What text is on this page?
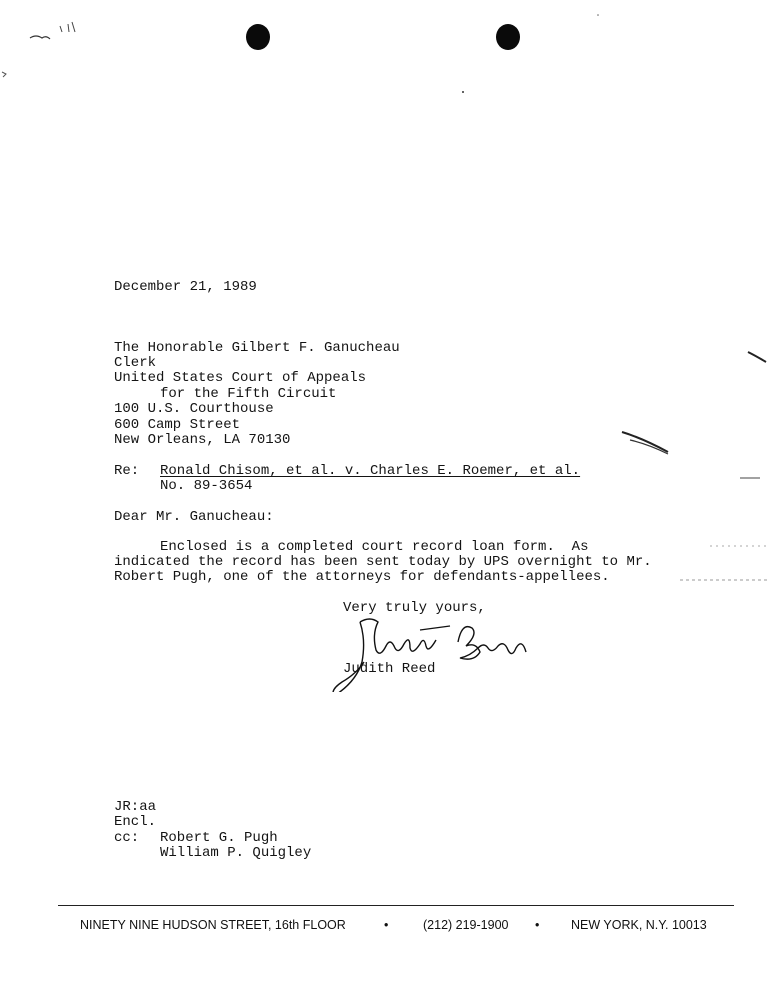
December 21, 1989
The Honorable Gilbert F. Ganucheau
Clerk
United States Court of Appeals
for the Fifth Circuit
100 U.S. Courthouse
600 Camp Street
New Orleans, LA 70130
Re: Ronald Chisom, et al. v. Charles E. Roemer, et al.
No. 89-3654
Dear Mr. Ganucheau:
Enclosed is a completed court record loan form.  As
indicated the record has been sent today by UPS overnight to Mr.
Robert Pugh, one of the attorneys for defendants-appellees.
Very truly yours,
Judith Reed
JR:aa
Encl.
cc: Robert G. Pugh
William P. Quigley
NINETY NINE HUDSON STREET, 16th FLOOR	•	(212) 219-1900 •	NEW YORK, N.Y. 10013
